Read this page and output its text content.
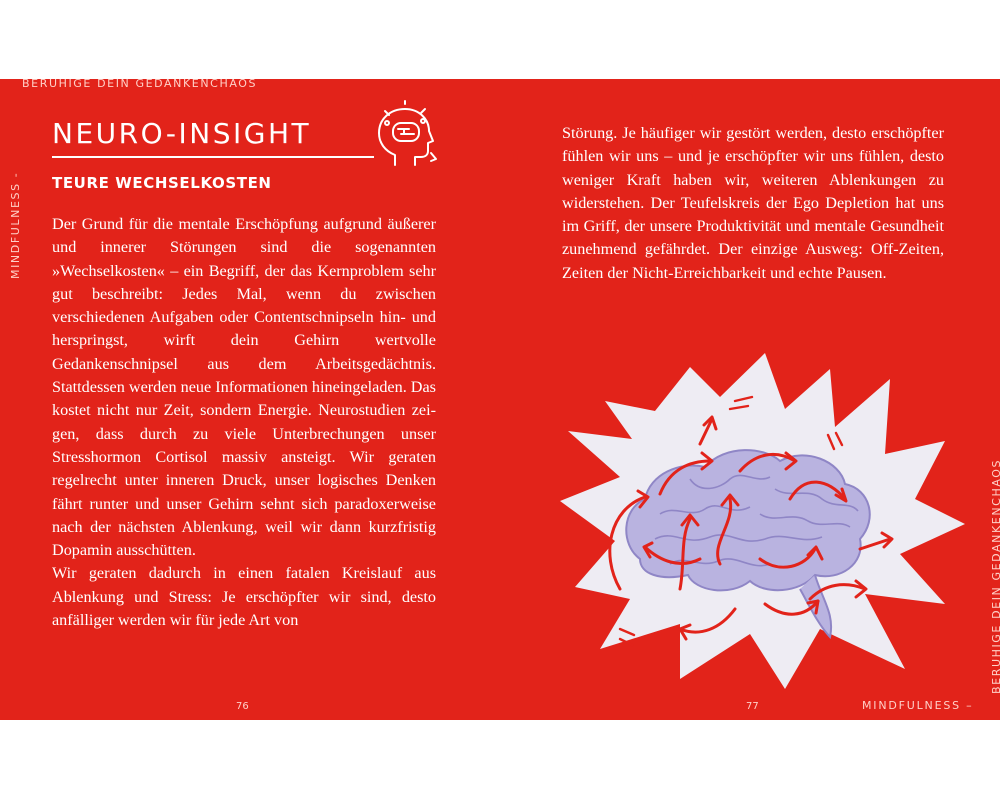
BERUHIGE DEIN GEDANKENCHAOS
MINDFULNESS -
NEURO-INSIGHT
TEURE WECHSELKOSTEN

Der Grund für die mentale Erschöpfung aufgrund äußerer und innerer Störungen sind die sogenannten »Wechselkosten« – ein Begriff, der das Kernproblem sehr gut beschreibt: Jedes Mal, wenn du zwischen verschiedenen Aufgaben oder Contentschnipseln hin- und herspringst, wirft dein Gehirn wertvolle Gedankenschnipsel aus dem Arbeitsgedächtnis. Stattdessen werden neue Informationen hineingeladen. Das kostet nicht nur Zeit, sondern Energie. Neurostudien zeigen, dass durch zu viele Unterbrechungen unser Stresshormon Cortisol massiv ansteigt. Wir geraten regelrecht unter inneren Druck, unser logisches Denken fährt runter und unser Gehirn sehnt sich paradoxerweise nach der nächsten Ablenkung, weil wir dann kurzfristig Dopamin ausschütten.

Wir geraten dadurch in einen fatalen Kreislauf aus Ablenkung und Stress: Je erschöpfter wir sind, desto anfälliger werden wir für jede Art von

76

Störung. Je häufiger wir gestört werden, desto erschöpfter fühlen wir uns – und je erschöpfter wir uns fühlen, desto weniger Kraft haben wir, weiteren Ablenkungen zu widerstehen. Der Teufelskreis der Ego Depletion hat uns im Griff, der unsere Produktivität und mentale Gesundheit zunehmend gefährdet. Der einzige Ausweg: Off-Zeiten, Zeiten der Nicht-Erreichbarkeit und echte Pausen.

77	MINDFULNESS –
BERUHIGE DEIN GEDANKENCHAOS
